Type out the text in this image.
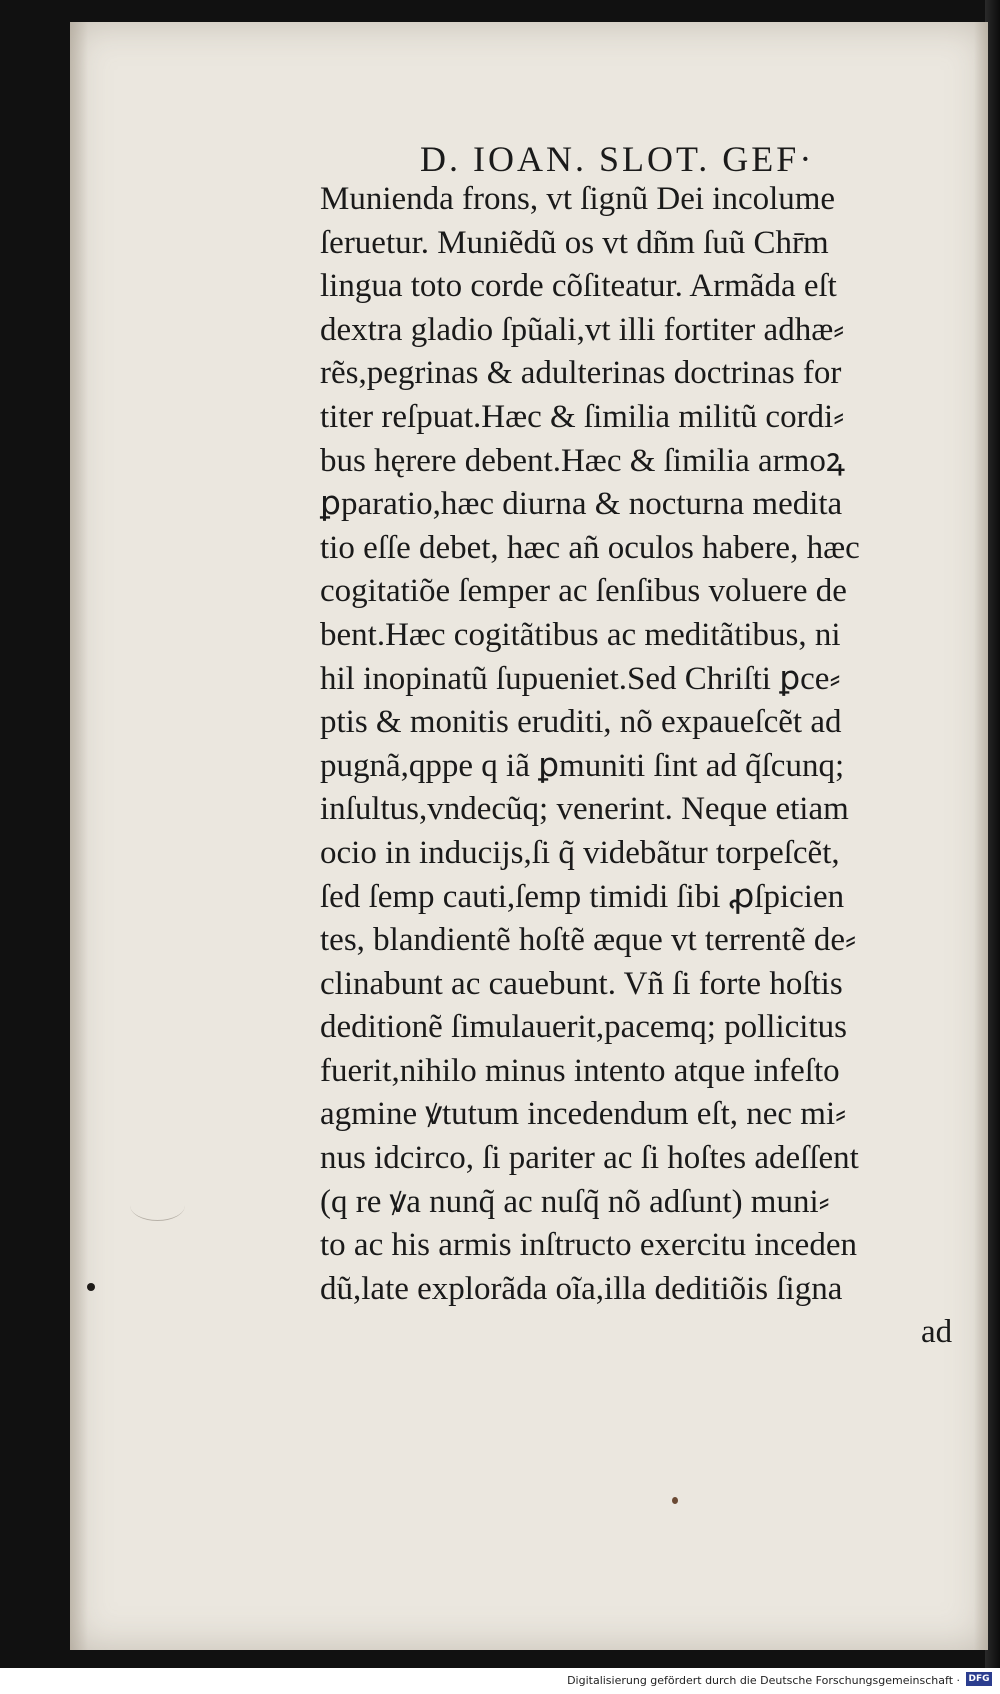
D. IOAN. SLOT. GEF·
Munienda frons, vt ſignũ Dei incolume
ſeruetur. Muniẽdũ os vt dñm ſuũ Chr̄m
lingua toto corde cõſiteatur. Armãda eſt
dextra gladio ſpũali,vt illi fortiter adhæ⸗
rẽs,pegrinas & adulterinas doctrinas for
titer reſpuat.Hæc & ſimilia militũ cordi⸗
bus hęrere debent.Hæc & ſimilia armoꝝ
ꝑparatio,hæc diurna & nocturna medita
tio eſſe debet, hæc añ oculos habere, hæc
cogitatiõe ſemper ac ſenſibus voluere de
bent.Hæc cogitãtibus ac meditãtibus, ni
hil inopinatũ ſupueniet.Sed Chriſti ꝑce⸗
ptis & monitis eruditi, nõ expaueſcẽt ad
pugnã,qppe q iã ꝑmuniti ſint ad q̃ſcunq;
inſultus,vndecũq; venerint. Neque etiam
ocio in inducijs,ſi q̃ videbãtur torpeſcẽt,
ſed ſemp cauti,ſemp timidi ſibi ꝓſpicien
tes, blandientẽ hoſtẽ æque vt terrentẽ de⸗
clinabunt ac cauebunt. Vñ ſi forte hoſtis
deditionẽ ſimulauerit,pacemq; pollicitus
fuerit,nihilo minus intento atque infeſto
agmine ꝟtutum incedendum eſt, nec mi⸗
nus idcirco, ſi pariter ac ſi hoſtes adeſſent
(q re ꝟa nunq̃ ac nuſq̃ nõ adſunt) muni⸗
to ac his armis inſtructo exercitu inceden
dũ,late explorãda oĩa,illa deditiõis ſigna
ad
Digitalisierung gefördert durch die Deutsche Forschungsgemeinschaft · DFG
